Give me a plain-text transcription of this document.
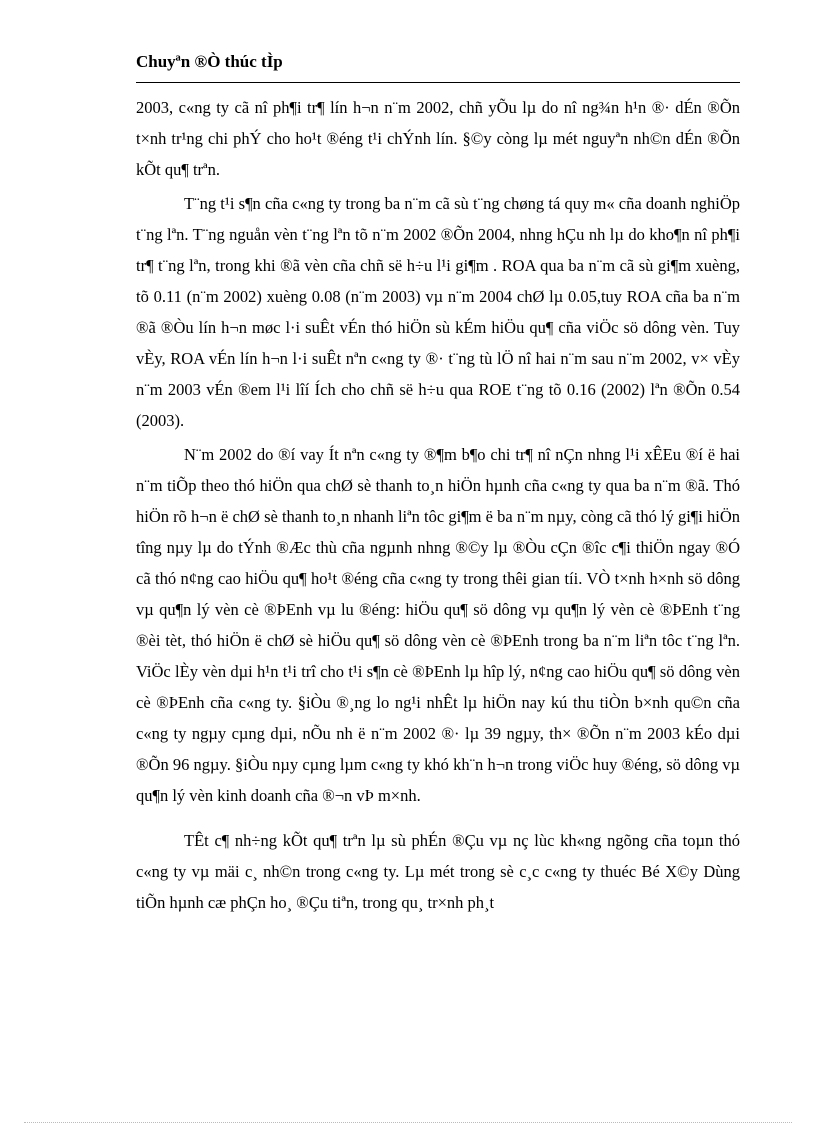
Chuyªn ®Ò thúc tÌp

2003, c«ng ty cã nî ph¶i tr¶ lín h¬n n¨m 2002, chñ yÕu lµ do nî ng¾n h¹n ®· dÉn ®Õn t×nh tr¹ng chi phÝ cho ho¹t ®éng t¹i chÝnh lín. §©y còng lµ mét nguyªn nh©n dÉn ®Õn kÕt qu¶ trªn.

T¨ng t¹i s¶n cña c«ng ty trong ba n¨m cã sù t¨ng chøng tá quy m« cña doanh nghiÖp t¨ng lªn. T¨ng nguån vèn t¨ng lªn tõ n¨m 2002 ®Õn 2004, nhng hÇu nh lµ do kho¶n nî ph¶i tr¶ t¨ng lªn, trong khi ®ã vèn cña chñ së h÷u l¹i gi¶m . ROA qua ba n¨m cã sù gi¶m xuèng, tõ 0.11 (n¨m 2002) xuèng 0.08 (n¨m 2003) vµ n¨m 2004 chØ lµ 0.05,tuy ROA cña ba n¨m ®ã ®Òu lín h¬n møc l·i suÊt vÉn thó hiÖn sù kÉm hiÖu qu¶ cña viÖc sö dông vèn. Tuy vÈy, ROA vÉn lín h¬n l·i suÊt nªn c«ng ty ®· t¨ng tù lÖ nî hai n¨m sau n¨m 2002, v× vÈy n¨m 2003 vÉn ®em l¹i lîí Ích cho chñ së h÷u qua ROE t¨ng tõ 0.16 (2002) lªn ®Õn 0.54 (2003).

N¨m 2002 do ®í vay Ít nªn c«ng ty ®¶m b¶o chi tr¶ nî nÇn nhng l¹i xÊEu ®í ë hai n¨m tiÕp theo thó hiÖn qua chØ sè thanh to¸n hiÖn hµnh cña c«ng ty qua ba n¨m ®ã. Thó hiÖn rõ h¬n ë chØ sè thanh to¸n nhanh liªn tôc gi¶m ë ba n¨m nµy, còng cã thó lý gi¶i hiÖn tîng nµy lµ do tÝnh ®Æc thù cña ngµnh nhng ®©y lµ ®Òu cÇn ®îc c¶i thiÖn ngay ®Ó cã thó n¢ng cao hiÖu qu¶ ho¹t ®éng cña c«ng ty trong thêi gian tíi. VÒ t×nh h×nh sö dông vµ qu¶n lý vèn cè ®ÞEnh vµ lu ®éng: hiÖu qu¶ sö dông vµ qu¶n lý vèn cè ®ÞEnh t¨ng ®èi tèt, thó hiÖn ë chØ sè hiÖu qu¶ sö dông vèn cè ®ÞEnh trong ba n¨m liªn tôc t¨ng lªn. ViÖc lÈy vèn dµi h¹n t¹i trî cho t¹i s¶n cè ®ÞEnh lµ hîp lý, n¢ng cao hiÖu qu¶ sö dông vèn cè ®ÞEnh cña c«ng ty. §iÒu ®¸ng lo ng¹i nhÊt lµ hiÖn nay kú thu tiÒn b×nh qu©n cña c«ng ty ngµy cµng dµi, nÕu nh ë n¨m 2002 ®· lµ 39 ngµy, th× ®Õn n¨m 2003 kÉo dµi ®Õn 96 ngµy. §iÒu nµy cµng lµm c«ng ty khó kh¨n h¬n trong viÖc huy ®éng, sö dông vµ qu¶n lý vèn kinh doanh cña ®¬n vÞ m×nh.

TÊt c¶ nh÷ng kÕt qu¶ trªn lµ sù phÉn ®Çu vµ nç lùc kh«ng ngõng cña toµn thó c«ng ty vµ mäi c¸ nh©n trong c«ng ty. Lµ mét trong sè c¸c c«ng ty thuéc Bé X©y Dùng tiÕn hµnh cæ phÇn ho¸ ®Çu tiªn, trong qu¸ tr×nh ph¸t
